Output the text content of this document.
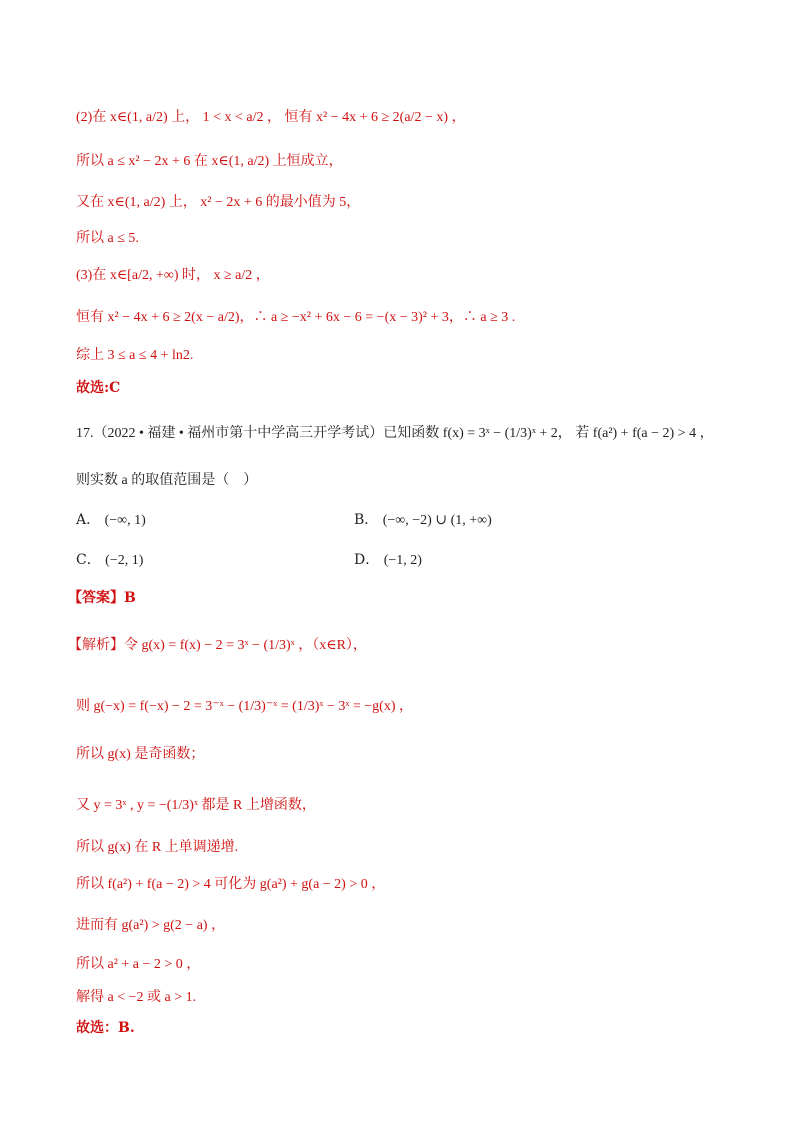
(2)在 x∈(1, a/2) 上， 1 < x < a/2 ， 恒有 x² − 4x + 6 ≥ 2(a/2 − x) ，
所以 a ≤ x² − 2x + 6 在 x∈(1, a/2) 上恒成立，
又在 x∈(1, a/2) 上， x² − 2x + 6 的最小值为 5，
所以 a ≤ 5.
(3)在 x∈[a/2, +∞) 时， x ≥ a/2 ，
恒有 x² − 4x + 6 ≥ 2(x − a/2)，∴ a ≥ −x² + 6x − 6 = −(x − 3)² + 3，∴ a ≥ 3 .
综上 3 ≤ a ≤ 4 + ln2.
故选:C
17.（2022 • 福建 • 福州市第十中学高三开学考试）已知函数 f(x) = 3ˣ − (1/3)ˣ + 2， 若 f(a²) + f(a − 2) > 4 ，
则实数 a 的取值范围是（　）
A． (−∞, 1)	B． (−∞, −2) ∪ (1, +∞)
C． (−2, 1)	D． (−1, 2)
【答案】B
【解析】令 g(x) = f(x) − 2 = 3ˣ − (1/3)ˣ ，（x∈R），
则 g(−x) = f(−x) − 2 = 3⁻ˣ − (1/3)⁻ˣ = (1/3)ˣ − 3ˣ = −g(x) ，
所以 g(x) 是奇函数；
又 y = 3ˣ , y = −(1/3)ˣ 都是 R 上增函数，
所以 g(x) 在 R 上单调递增.
所以 f(a²) + f(a − 2) > 4 可化为 g(a²) + g(a − 2) > 0 ，
进而有 g(a²) > g(2 − a) ，
所以 a² + a − 2 > 0 ，
解得 a < −2 或 a > 1.
故选：B.
